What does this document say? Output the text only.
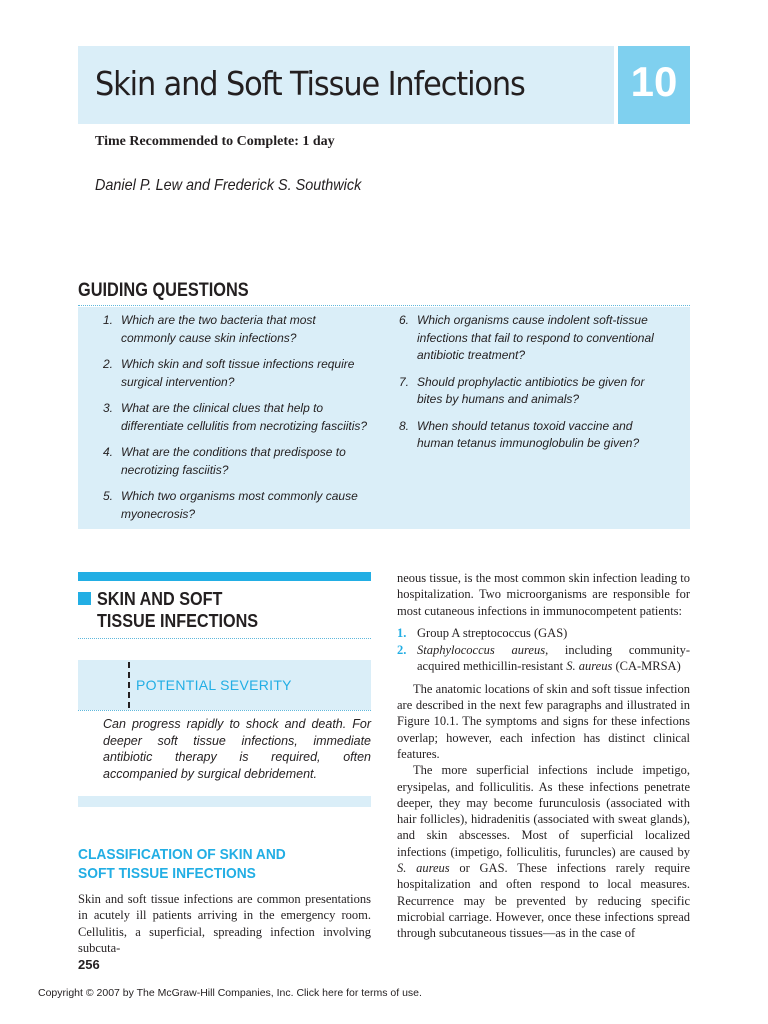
Skin and Soft Tissue Infections	10
Time Recommended to Complete: 1 day
Daniel P. Lew and Frederick S. Southwick
GUIDING QUESTIONS
1. Which are the two bacteria that most commonly cause skin infections?
2. Which skin and soft tissue infections require surgical intervention?
3. What are the clinical clues that help to differentiate cellulitis from necrotizing fasciitis?
4. What are the conditions that predispose to necrotizing fasciitis?
5. Which two organisms most commonly cause myonecrosis?
6. Which organisms cause indolent soft-tissue infections that fail to respond to conventional antibiotic treatment?
7. Should prophylactic antibiotics be given for bites by humans and animals?
8. When should tetanus toxoid vaccine and human tetanus immunoglobulin be given?
SKIN AND SOFT
TISSUE INFECTIONS
POTENTIAL SEVERITY
Can progress rapidly to shock and death. For deeper soft tissue infections, immediate antibiotic therapy is required, often accompanied by surgical debridement.
CLASSIFICATION OF SKIN AND
SOFT TISSUE INFECTIONS

Skin and soft tissue infections are common presentations in acutely ill patients arriving in the emergency room. Cellulitis, a superficial, spreading infection involving subcuta-

neous tissue, is the most common skin infection leading to hospitalization. Two microorganisms are responsible for most cutaneous infections in immunocompetent patients:

1. Group A streptococcus (GAS)
2. Staphylococcus aureus, including community-acquired methicillin-resistant S. aureus (CA-MRSA)

The anatomic locations of skin and soft tissue infection are described in the next few paragraphs and illustrated in Figure 10.1. The symptoms and signs for these infections overlap; however, each infection has distinct clinical features.

The more superficial infections include impetigo, erysipelas, and folliculitis. As these infections penetrate deeper, they may become furunculosis (associated with hair follicles), hidradenitis (associated with sweat glands), and skin abscesses. Most of superficial localized infections (impetigo, folliculitis, furuncles) are caused by S. aureus or GAS. These infections rarely require hospitalization and often respond to local measures. Recurrence may be prevented by reducing specific microbial carriage. However, once these infections spread through subcutaneous tissues—as in the case of

256
Copyright © 2007 by The McGraw-Hill Companies, Inc. Click here for terms of use.
